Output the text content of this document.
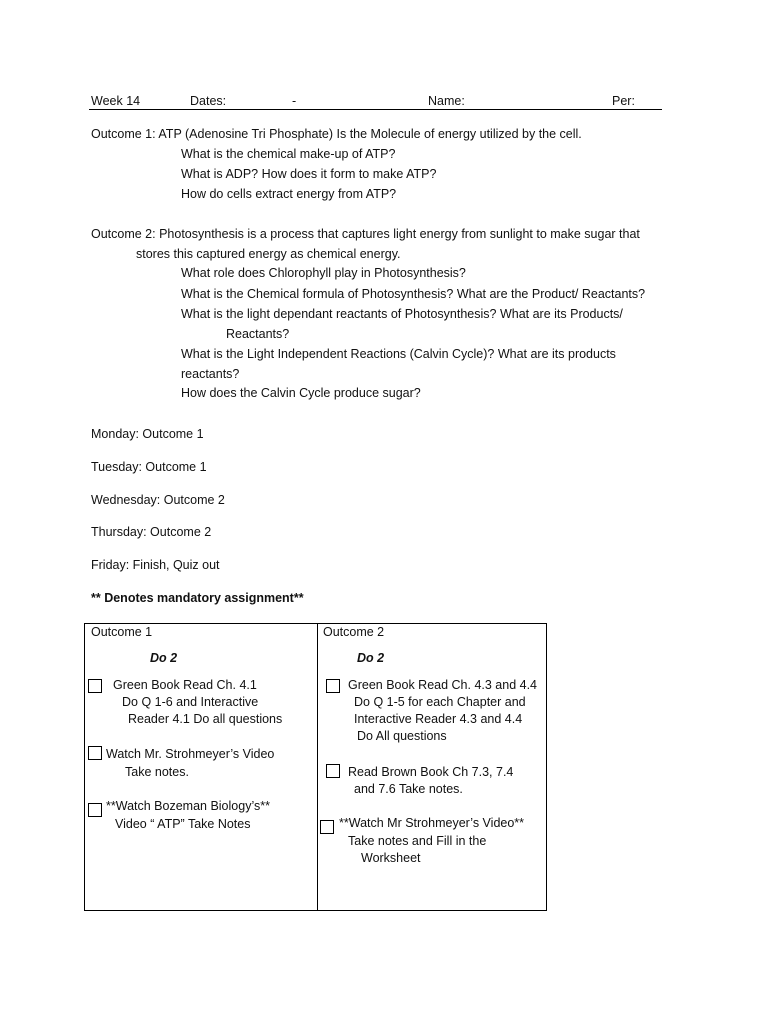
Week 14	Dates:	-	Name:	Per:
Outcome 1: ATP (Adenosine Tri Phosphate) Is the Molecule of energy utilized by the cell.
What is the chemical make-up of ATP?
What is ADP? How does it form to make ATP?
How do cells extract energy from ATP?
Outcome 2: Photosynthesis is a process that captures light energy from sunlight to make sugar that
stores this captured energy as chemical energy.
What role does Chlorophyll play in Photosynthesis?
What is the Chemical formula of Photosynthesis? What are the Product/ Reactants?
What is the light dependant reactants of Photosynthesis? What are its Products/
Reactants?
What is the Light Independent Reactions (Calvin Cycle)? What are its products
reactants?
How does the Calvin Cycle produce sugar?
Monday: Outcome 1
Tuesday: Outcome 1
Wednesday: Outcome 2
Thursday: Outcome 2
Friday: Finish, Quiz out
** Denotes mandatory assignment**
Outcome 1
Do 2
Green Book Read Ch. 4.1
Do Q 1-6 and Interactive
Reader 4.1 Do all questions
Watch Mr. Strohmeyer’s Video
Take notes.
**Watch Bozeman Biology’s**
Video “ ATP” Take Notes
Outcome 2
Do 2
Green Book Read Ch. 4.3 and 4.4
Do Q 1-5 for each Chapter and
Interactive Reader 4.3 and 4.4
Do All questions
Read Brown Book Ch 7.3, 7.4
and 7.6 Take notes.
**Watch Mr Strohmeyer’s Video**
Take notes and Fill in the
Worksheet
